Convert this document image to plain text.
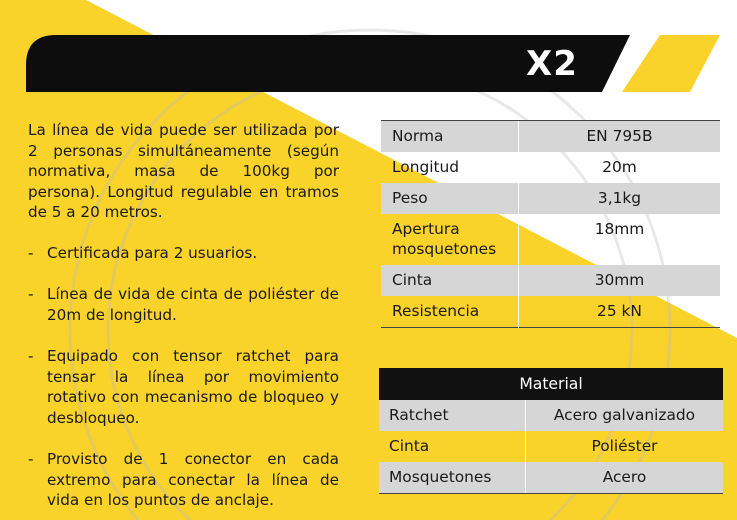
X2

La línea de vida puede ser utilizada por 2 personas simultáneamente (según normativa, masa de 100kg por persona). Longitud regulable en tramos de 5 a 20 metros.

- Certificada para 2 usuarios.
- Línea de vida de cinta de poliéster de 20m de longitud.
- Equipado con tensor ratchet para tensar la línea por movimiento rotativo con mecanismo de bloqueo y desbloqueo.
- Provisto de 1 conector en cada extremo para conectar la línea de vida en los puntos de anclaje.
Norma	EN 795B
Longitud	20m
Peso	3,1kg
Apertura mosquetones	18mm
Cinta	30mm
Resistencia	25 kN
Material	
Ratchet	Acero galvanizado
Cinta	Poliéster
Mosquetones	Acero
